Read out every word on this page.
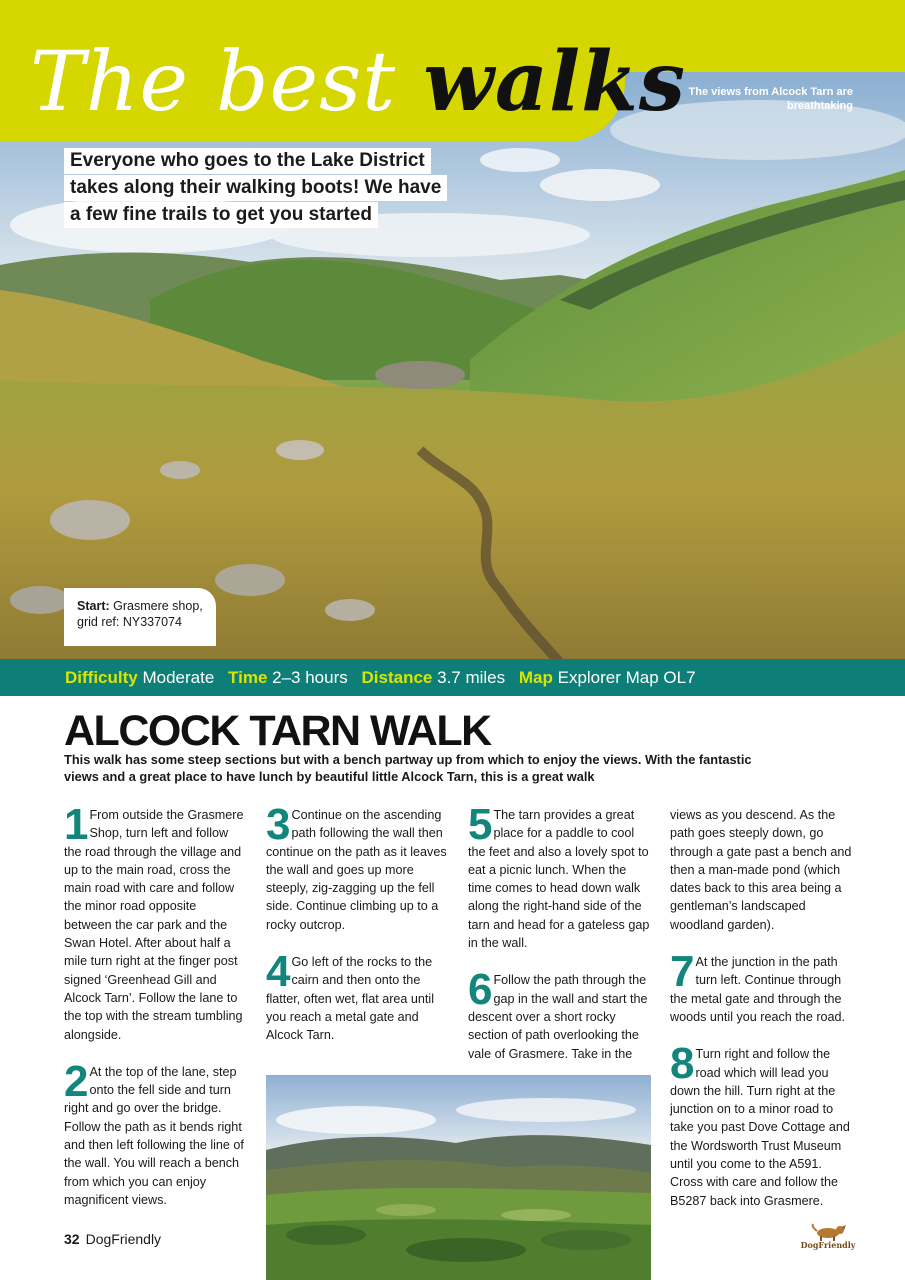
The best walks The views from Alcock Tarn are breathtaking
Everyone who goes to the Lake District
takes along their walking boots! We have
a few fine trails to get you started
Start: Grasmere shop, grid ref: NY337074
Difficulty Moderate Time 2–3 hours Distance 3.7 miles Map Explorer Map OL7
ALCOCK TARN WALK
This walk has some steep sections but with a bench partway up from which to enjoy the views. With the fantastic views and a great place to have lunch by beautiful little Alcock Tarn, this is a great walk
1 From outside the Grasmere Shop, turn left and follow the road through the village and up to the main road, cross the main road with care and follow the minor road opposite between the car park and the Swan Hotel. After about half a mile turn right at the finger post signed ‘Greenhead Gill and Alcock Tarn’. Follow the lane to the top with the stream tumbling alongside.
2 At the top of the lane, step onto the fell side and turn right and go over the bridge. Follow the path as it bends right and then left following the line of the wall. You will reach a bench from which you can enjoy magnificent views.
3 Continue on the ascending path following the wall then continue on the path as it leaves the wall and goes up more steeply, zig-zagging up the fell side. Continue climbing up to a rocky outcrop.
4 Go left of the rocks to the cairn and then onto the flatter, often wet, flat area until you reach a metal gate and Alcock Tarn.
5 The tarn provides a great place for a paddle to cool the feet and also a lovely spot to eat a picnic lunch. When the time comes to head down walk along the right-hand side of the tarn and head for a gateless gap in the wall.
6 Follow the path through the gap in the wall and start the descent over a short rocky section of path overlooking the vale of Grasmere. Take in the
views as you descend. As the path goes steeply down, go through a gate past a bench and then a man-made pond (which dates back to this area being a gentleman’s landscaped woodland garden).
7 At the junction in the path turn left. Continue through the metal gate and through the woods until you reach the road.
8 Turn right and follow the road which will lead you down the hill. Turn right at the junction on to a minor road to take you past Dove Cottage and the Wordsworth Trust Museum until you come to the A591. Cross with care and follow the B5287 back into Grasmere.
32 DogFriendly	DogFriendly
